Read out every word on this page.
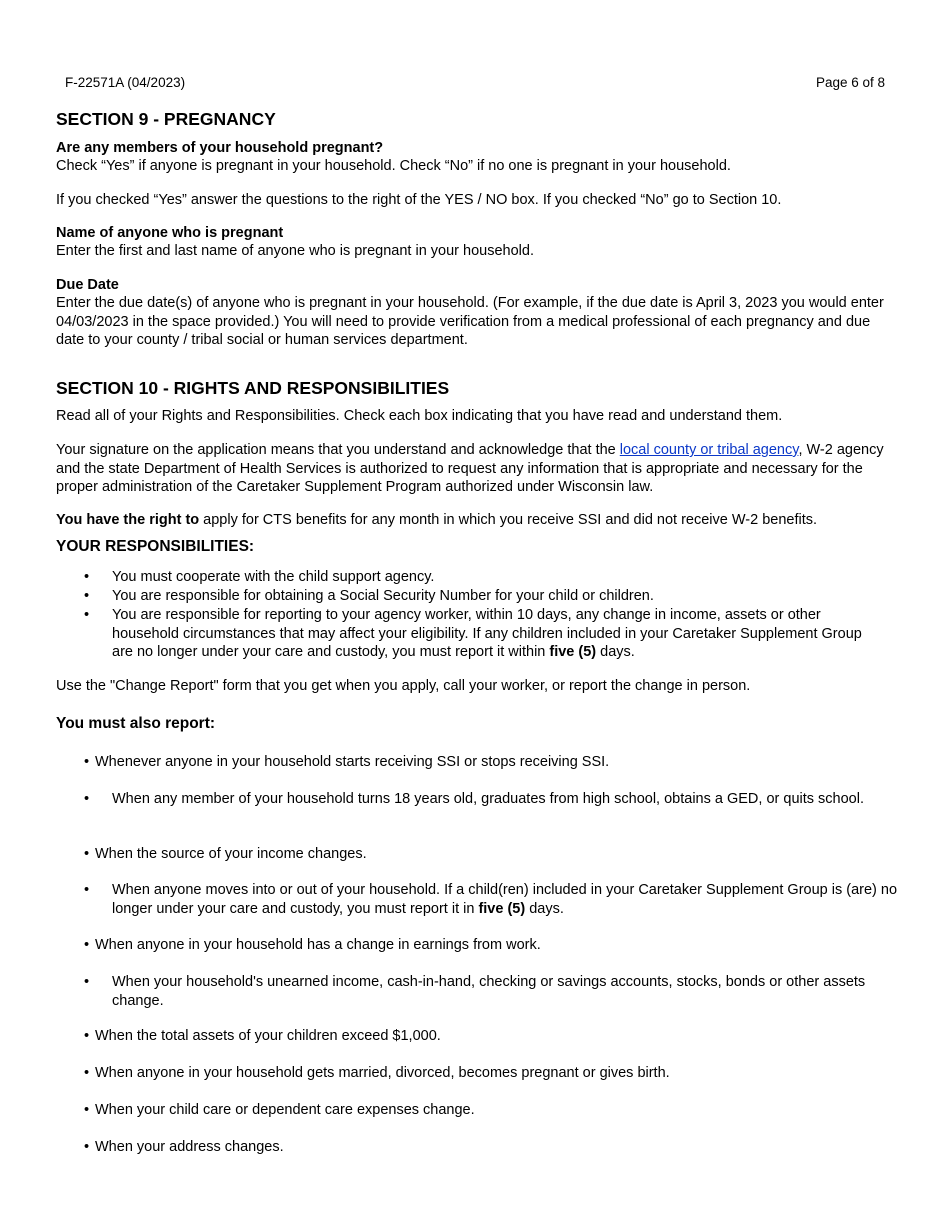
F-22571A (04/2023)	Page 6 of 8
SECTION 9 - PREGNANCY
Are any members of your household pregnant?
Check “Yes” if anyone is pregnant in your household. Check “No” if no one is pregnant in your household.
If you checked “Yes” answer the questions to the right of the YES / NO box. If you checked “No” go to Section 10.
Name of anyone who is pregnant
Enter the first and last name of anyone who is pregnant in your household.
Due Date
Enter the due date(s) of anyone who is pregnant in your household. (For example, if the due date is April 3, 2023 you would enter 04/03/2023 in the space provided.) You will need to provide verification from a medical professional of each pregnancy and due date to your county / tribal social or human services department.
SECTION 10 - RIGHTS AND RESPONSIBILITIES
Read all of your Rights and Responsibilities. Check each box indicating that you have read and understand them.
Your signature on the application means that you understand and acknowledge that the local county or tribal agency, W-2 agency and the state Department of Health Services is authorized to request any information that is appropriate and necessary for the proper administration of the Caretaker Supplement Program authorized under Wisconsin law.
You have the right to apply for CTS benefits for any month in which you receive SSI and did not receive W-2 benefits.
YOUR RESPONSIBILITIES:
• You must cooperate with the child support agency.
• You are responsible for obtaining a Social Security Number for your child or children.
• You are responsible for reporting to your agency worker, within 10 days, any change in income, assets or other household circumstances that may affect your eligibility. If any children included in your Caretaker Supplement Group are no longer under your care and custody, you must report it within five (5) days.
Use the "Change Report" form that you get when you apply, call your worker, or report the change in person.
You must also report:
• Whenever anyone in your household starts receiving SSI or stops receiving SSI.
• When any member of your household turns 18 years old, graduates from high school, obtains a GED, or quits school.
• When the source of your income changes.
• When anyone moves into or out of your household. If a child(ren) included in your Caretaker Supplement Group is (are) no longer under your care and custody, you must report it in five (5) days.
• When anyone in your household has a change in earnings from work.
• When your household's unearned income, cash-in-hand, checking or savings accounts, stocks, bonds or other assets change.
• When the total assets of your children exceed $1,000.
• When anyone in your household gets married, divorced, becomes pregnant or gives birth.
• When your child care or dependent care expenses change.
• When your address changes.
